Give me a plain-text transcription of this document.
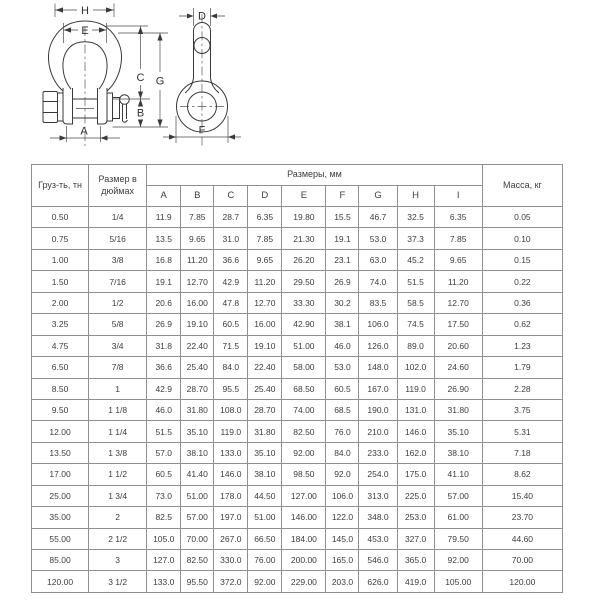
H
E
A
C
B
G
D
F
Груз-ть, тн	Размер в дюймах	Размеры, мм									Масса, кг
		A	B	C	D	E	F	G	H	I	
0.50	1/4	11.9	7.85	28.7	6.35	19.80	15.5	46.7	32.5	6.35	0.05
0.75	5/16	13.5	9.65	31.0	7.85	21.30	19.1	53.0	37.3	7.85	0.10
1.00	3/8	16.8	11.20	36.6	9.65	26.20	23.1	63.0	45.2	9.65	0.15
1.50	7/16	19.1	12.70	42.9	11.20	29.50	26.9	74.0	51.5	11.20	0.22
2.00	1/2	20.6	16.00	47.8	12.70	33.30	30.2	83.5	58.5	12.70	0.36
3.25	5/8	26.9	19.10	60.5	16.00	42.90	38.1	106.0	74.5	17.50	0.62
4.75	3/4	31.8	22.40	71.5	19.10	51.00	46.0	126.0	89.0	20.60	1.23
6.50	7/8	36.6	25.40	84.0	22.40	58.00	53.0	148.0	102.0	24.60	1.79
8.50	1	42.9	28.70	95.5	25.40	68.50	60.5	167.0	119.0	26.90	2.28
9.50	1 1/8	46.0	31.80	108.0	28.70	74.00	68.5	190.0	131.0	31.80	3.75
12.00	1 1/4	51.5	35.10	119.0	31.80	82.50	76.0	210.0	146.0	35.10	5.31
13.50	1 3/8	57.0	38.10	133.0	35.10	92.00	84.0	233.0	162.0	38.10	7.18
17.00	1 1/2	60.5	41.40	146.0	38.10	98.50	92.0	254.0	175.0	41.10	8.62
25.00	1 3/4	73.0	51.00	178.0	44.50	127.00	106.0	313.0	225.0	57.00	15.40
35.00	2	82.5	57.00	197.0	51.00	146.00	122.0	348.0	253.0	61.00	23.70
55.00	2 1/2	105.0	70.00	267.0	66.50	184.00	145.0	453.0	327.0	79.50	44.60
85.00	3	127.0	82.50	330.0	76.00	200.00	165.0	546.0	365.0	92.00	70.00
120.00	3 1/2	133.0	95.50	372.0	92.00	229.00	203.0	626.0	419.0	105.00	120.00
